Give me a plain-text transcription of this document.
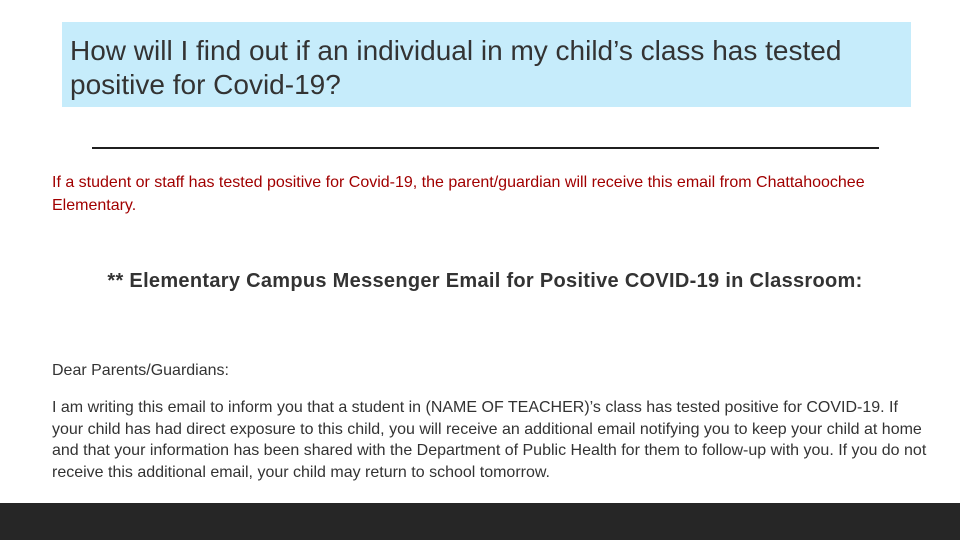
How will I find out if an individual in my child’s class has tested positive for Covid-19?
If a student or staff has tested positive for Covid-19, the parent/guardian will receive this email from Chattahoochee Elementary.
** Elementary Campus Messenger Email for Positive COVID-19 in Classroom:
Dear Parents/Guardians:
I am writing this email to inform you that a student in (NAME OF TEACHER)’s class has tested positive for COVID-19. If your child has had direct exposure to this child, you will receive an additional email notifying you to keep your child at home and that your information has been shared with the Department of Public Health for them to follow-up with you. If you do not receive this additional email, your child may return to school tomorrow.
